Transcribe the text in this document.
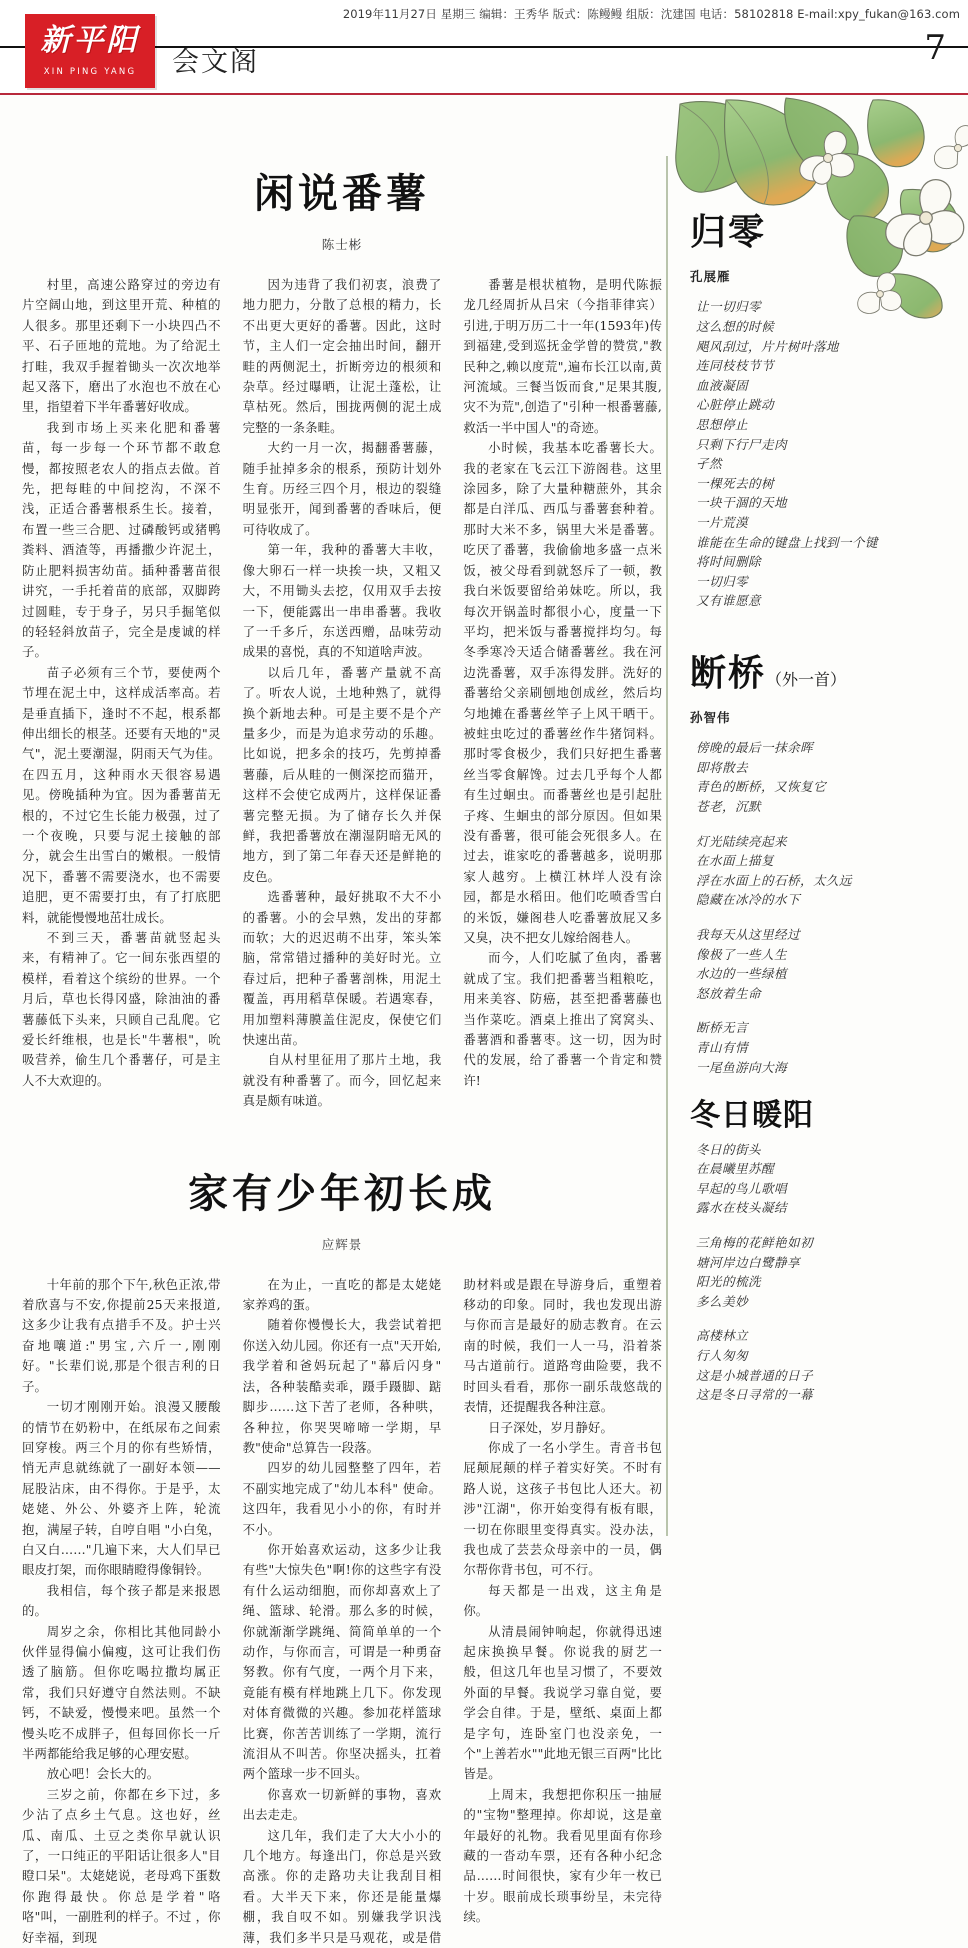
2019年11月27日 星期三 编辑：王秀华 版式：陈鳗鳗 组版：沈建国 电话：58102818 E-mail:xpy_fukan@163.com
新平阳
XIN PING YANG	会文阁	7
闲说番薯
陈士彬

村里，高速公路穿过的旁边有片空阔山地，到这里开荒、种植的人很多。那里还剩下一小块四凸不平、石子匝地的荒地。为了给泥土打畦，我双手握着锄头一次次地举起又落下，磨出了水泡也不放在心里，指望着下半年番薯好收成。

我到市场上买来化肥和番薯苗，每一步每一个环节都不敢怠慢，都按照老农人的指点去做。首先，把每畦的中间挖沟，不深不浅，正适合番薯根系生长。接着，布置一些三合肥、过磷酸钙或猪鸭粪料、酒渣等，再播撒少许泥土，防止肥料损害幼苗。插种番薯苗很讲究，一手托着苗的底部，双脚跨过圆畦，专于身子，另只手掘笔似的轻轻斜放苗子，完全是虔诚的样子。

苗子必须有三个节，要使两个节埋在泥土中，这样成活率高。若是垂直插下，逢时不不起，根系都伸出细长的根茎。还要有天地的"灵气"，泥土要潮湿，阴雨天气为佳。在四五月，这种雨水天很容易遇见。傍晚插种为宜。因为番薯苗无根的，不过它生长能力极强，过了一个夜晚，只要与泥土接触的部分，就会生出雪白的嫩根。一般情况下，番薯不需要浇水，也不需要追肥，更不需要打虫，有了打底肥料，就能慢慢地茁壮成长。

不到三天，番薯苗就竖起头来，有精神了。它一间东张西望的模样，看着这个缤纷的世界。一个月后，草也长得冈盛，除油油的番薯藤低下头来，只顾自己乱爬。它爱长纤维根，也是长"牛薯根"，吮吸营养，偷生几个番薯仔，可是主人不大欢迎的。

因为违背了我们初衷，浪费了地力肥力，分散了总根的精力，长不出更大更好的番薯。因此，这时节，主人们一定会抽出时间，翻开畦的两侧泥土，折断旁边的根须和杂草。经过曝晒，让泥土蓬松，让草枯死。然后，围拢两侧的泥土成完整的一条条畦。

大约一月一次，揭翻番薯藤，随手扯掉多余的根系，预防计划外生育。历经三四个月，根边的裂缝明显张开，闻到番薯的香味后，便可待收成了。

第一年，我种的番薯大丰收，像大卵石一样一块挨一块，又粗又大，不用锄头去挖，仅用双手去按一下，便能露出一串串番薯。我收了一千多斤，东送西赠，品味劳动成果的喜悦，真的不知道啥声波。

以后几年，番薯产量就不高了。听农人说，土地种熟了，就得换个新地去种。可是主要不是个产量多少，而是为追求劳动的乐趣。比如说，把多余的技巧，先剪掉番薯藤，后从畦的一侧深挖而猫开，这样不会使它成两片，这样保证番薯完整无损。为了储存长久并保鲜，我把番薯放在潮湿阴暗无风的地方，到了第二年春天还是鲜艳的皮色。

选番薯种，最好挑取不大不小的番薯。小的会早熟，发出的芽都而软；大的迟迟萌不出芽，笨头笨脑，常常错过播种的美好时光。立春过后，把种子番薯剖株，用泥土覆盖，再用稻草保暖。若遇寒春，用加塑料薄膜盖住泥皮，保使它们快速出苗。

自从村里征用了那片土地，我就没有种番薯了。而今，回忆起来真是颇有味道。

番薯是根状植物，是明代陈振龙几经周折从吕宋（今指菲律宾）引进,于明万历二十一年(1593年)传到福建,受到巡抚金学曾的赞赏,"教民种之,赖以度荒",遍布长江以南,黄河流域。三餐当饭而食,"足果其腹,灾不为荒",创造了"引种一根番薯藤,救活一半中国人"的奇迹。

小时候，我基本吃番薯长大。我的老家在飞云江下游阁巷。这里涂园多，除了大量种糖蔗外，其余都是白洋瓜、西瓜与番薯套种着。那时大米不多，锅里大米是番薯。吃厌了番薯，我偷偷地多盛一点米饭，被父母看到就怒斥了一顿，教我白米饭要留给弟妹吃。所以，我每次开锅盖时都很小心，度量一下平均，把米饭与番薯搅拌均匀。每冬季寒冷天适合储番薯丝。我在河边洗番薯，双手冻得发胖。洗好的番薯给父亲刷刨地创成丝，然后均匀地摊在番薯丝竿子上风干晒干。被蛀虫吃过的番薯丝作牛猪饲料。那时零食极少，我们只好把生番薯丝当零食解馋。过去几乎每个人都有生过蛔虫。而番薯丝也是引起肚子疼、生蛔虫的部分原因。但如果没有番薯，很可能会死很多人。在过去，谁家吃的番薯越多，说明那家人越穷。上横江林垟人没有涂园，都是水稻田。他们吃喷香雪白的米饭，嫌阁巷人吃番薯放屁又多又臭，决不把女儿嫁给阁巷人。

而今，人们吃腻了鱼肉，番薯就成了宝。我们把番薯当粗粮吃，用来美容、防癌，甚至把番薯藤也当作菜吃。酒桌上推出了窝窝头、番薯酒和番薯枣。这一切，因为时代的发展，给了番薯一个肯定和赞许!

家有少年初长成
应辉景

十年前的那个下午,秋色正浓,带着欣喜与不安,你提前25天来报道,这多少让我有点措手不及。护士兴奋地嚷道:"男宝,六斤一,刚刚好。"长辈们说,那是个很吉利的日子。

一切才刚刚开始。浪漫又腰酸的情节在奶粉中，在纸尿布之间索回穿梭。两三个月的你有些矫情，悄无声息就练就了一副好本领——屁股沾床，由不得你。于是乎，太姥姥、外公、外婆齐上阵，轮流抱，满屋子转，自哼自唱 "小白兔，白又白……"几遍下来，大人们早已眼皮打架，而你眼睛瞪得像铜铃。

我相信，每个孩子都是来报恩的。

周岁之余，你相比其他同龄小伙伴显得偏小偏瘦，这可让我们伤透了脑筋。但你吃喝拉撒均属正常，我们只好遵守自然法则。不缺钙，不缺爱，慢慢来吧。虽然一个慢头吃不成胖子，但每回你长一斤半两都能给我足够的心理安慰。

放心吧！会长大的。

三岁之前，你都在乡下过，多少沾了点乡土气息。这也好，丝瓜、南瓜、土豆之类你早就认识了，一口纯正的平阳话让很多人"目瞪口呆"。太姥姥说，老母鸡下蛋数你跑得最快。你总是学着"咯咯"叫，一副胜利的样子。不过 ，你好幸福，到现

在为止，一直吃的都是太姥姥家养鸡的蛋。

随着你慢慢长大，我尝试着把你送入幼儿园。你还有一点"天开始,我学着和爸妈玩起了"幕后闪身" 法，各种装酷卖乖，蹑手蹑脚、踮脚步……这下苦了老师，各种哄，各种拉，你哭哭啼啼一学期，早教"使命"总算告一段落。

四岁的幼儿园整整了四年，若不副实地完成了"幼儿本科" 使命。这四年，我看见小小的你，有时并不小。

你开始喜欢运动，这多少让我有些"大惊失色"啊!你的这些字有没有什么运动细胞，而你却喜欢上了绳、篮球、轮滑。那么多的时候，你就渐渐学跳绳、简简单单的一个动作，与你而言，可谓是一种勇奋努教。你有气度，一两个月下来，竟能有模有样地跳上几下。你发现对体育微微的兴趣。参加花样篮球比赛，你苦苦训练了一学期，流行流泪从不叫苦。你坚决摇头，扛着两个篮球一步不回头。

你喜欢一切新鲜的事物，喜欢出去走走。

这几年，我们走了大大小小的几个地方。每逢出门，你总是兴致高涨。你的走路功夫让我刮目相看。大半天下来，你还是能量爆棚，我自叹不如。别嫌我学识浅薄，我们多半只是马观花，或是借助材料或是跟在导游身后，重塑着移动的印象。同时，我也发现出游与你而言是最好的励志教育。在云南的时候，我们一人一马，沿着茶马古道前行。道路弯曲险要，我不时回头看看，那你一副乐哉悠哉的表情，还提醒我各种注意。

日子深处，岁月静好。

你成了一名小学生。青音书包屁颠屁颠的样子着实好笑。不时有路人说，这孩子书包比人还大。初涉"江湖"，你开始变得有板有眼，一切在你眼里变得真实。没办法，我也成了芸芸众母亲中的一员，偶尔帮你背书包，可不行。

每天都是一出戏，这主角是你。

从清晨闹钟响起，你就得迅速起床换换早餐。你说我的厨艺一般，但这几年也呈习惯了，不要效外面的早餐。我说学习靠自觉，要学会自律。于是，壁纸、桌面上都是字句，连卧室门也没亲免，一个"上善若水""此地无银三百两"比比皆是。

上周末，我想把你积压一抽屉的"宝物"整理掉。你却说，这是童年最好的礼物。我看见里面有你珍藏的一沓动车票，还有各种小纪念品……时间很快，家有少年一枚已十岁。眼前成长琐事纷呈，未完待续。

归零
孔展雁
让一切归零
这么想的时候
飓风刮过，片片树叶落地
连同枝枝节节
血液凝固
心脏停止跳动
思想停止
只剩下行尸走肉
孑然
一棵死去的树
一块干涸的天地
一片荒漠
谁能在生命的键盘上找到一个键
将时间删除
一切归零
又有谁愿意
断桥（外一首）
孙智伟
傍晚的最后一抹余晖
即将散去
青色的断桥，又恢复它
苍老，沉默
灯光陆续亮起来
在水面上描复
浮在水面上的石桥，太久远
隐藏在冰冷的水下
我每天从这里经过
像极了一些人生
水边的一些绿植
怒放着生命
断桥无言
青山有情
一尾鱼游向大海
冬日暖阳
冬日的街头
在晨曦里苏醒
早起的鸟儿歌唱
露水在枝头凝结
三角梅的花鲜艳如初
塘河岸边白鹭静享
阳光的梳洗
多么美妙
高楼林立
行人匆匆
这是小城普通的日子
这是冬日寻常的一幕
